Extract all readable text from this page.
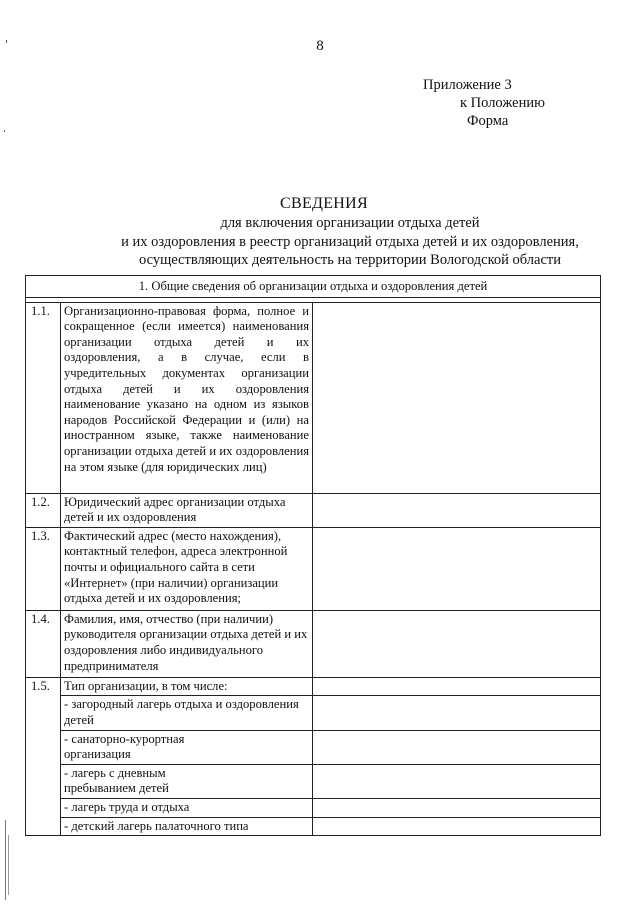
8
Приложение 3
к Положению
Форма
СВЕДЕНИЯ
для включения организации отдыха детей
и их оздоровления в реестр организаций отдыха детей и их оздоровления,
осуществляющих деятельность на территории Вологодской области
1. Общие сведения об организации отдыха и оздоровления детей		

1.1.	Организационно-правовая форма, полное и сокращенное (если имеется) наименования организации отдыха детей и их оздоровления, а в случае, если в учредительных документах организации отдыха детей и их оздоровления наименование указано на одном из языков народов Российской Федерации и (или) на иностранном языке, также наименование организации отдыха детей и их оздоровления на этом языке (для юридических лиц)	
1.2.	Юридический адрес организации отдыха детей и их оздоровления	
1.3.	Фактический адрес (место нахождения), контактный телефон, адреса электронной почты и официального сайта в сети «Интернет» (при наличии) организации отдыха детей и их оздоровления;	
1.4.	Фамилия, имя, отчество (при наличии) руководителя организации отдыха детей и их оздоровления либо индивидуального предпринимателя	
1.5.	Тип организации, в том числе:	
	- загородный лагерь отдыха и оздоровления детей	
	- санаторно-курортная организация	
	- лагерь с дневным пребыванием детей	
	- лагерь труда и отдыха	
	- детский лагерь палаточного типа	
